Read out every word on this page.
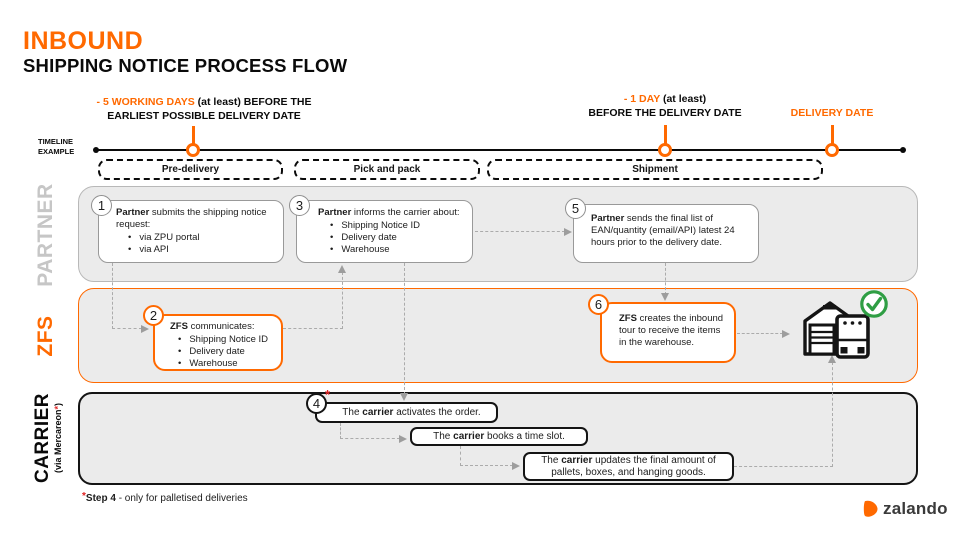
INBOUND
SHIPPING NOTICE PROCESS FLOW
- 5 WORKING DAYS (at least) BEFORE THE
EARLIEST POSSIBLE DELIVERY DATE
- 1 DAY (at least)
BEFORE THE DELIVERY DATE	DELIVERY DATE
TIMELINE
EXAMPLE
Pre-delivery	Pick and pack	Shipment
PARTNER
ZFS
CARRIER (via Mercareon*)
Partner submits the shipping notice request:
• via ZPU portal
• via API
1	Partner informs the carrier about:
• Shipping Notice ID
• Delivery date
• Warehouse
3
Partner sends the final list of EAN/quantity (email/API) latest 24 hours prior to the delivery date.
5
ZFS communicates:
• Shipping Notice ID
• Delivery date
• Warehouse
2	ZFS creates the inbound tour to receive the items in the warehouse.
6
The carrier activates the order.
4
*
The carrier books a time slot.
The carrier updates the final amount of pallets, boxes, and hanging goods.
*Step 4 - only for palletised deliveries
zalando
